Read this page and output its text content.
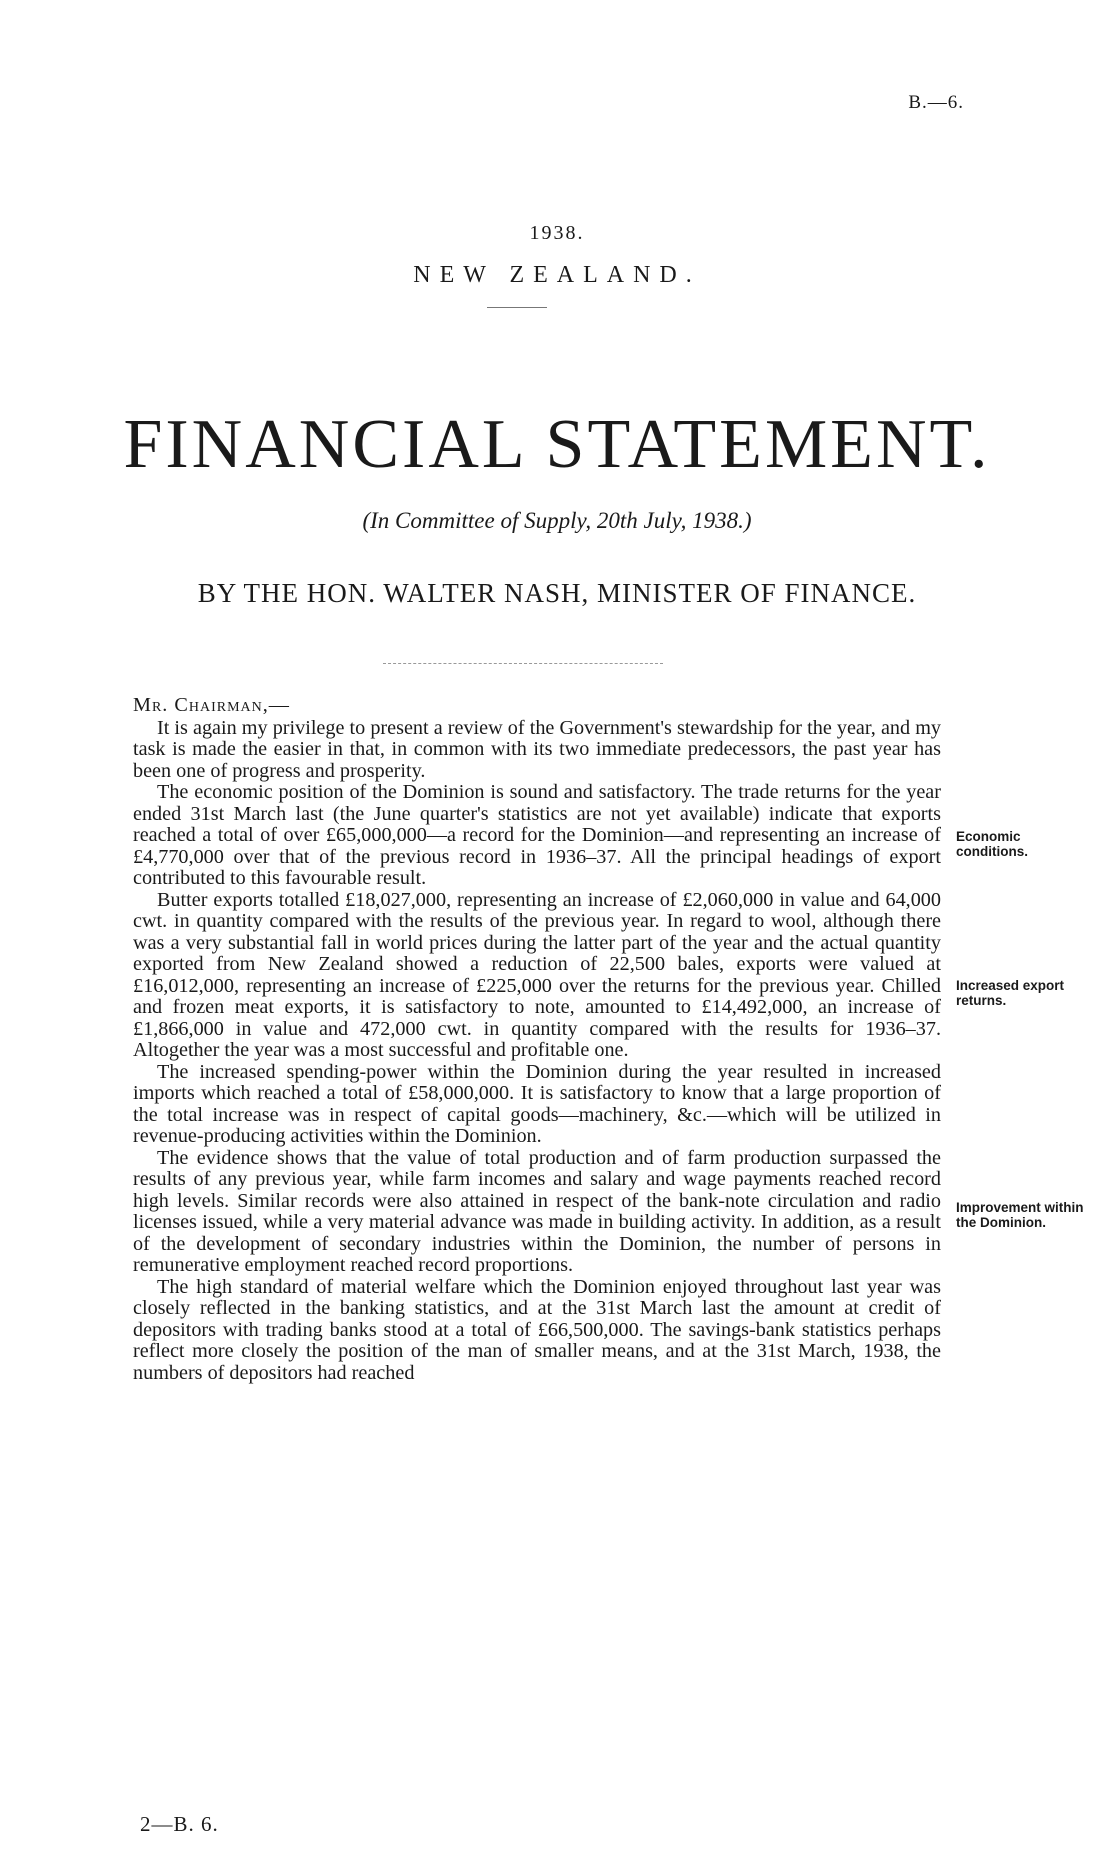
B.—6.
1938.
NEW ZEALAND.
FINANCIAL STATEMENT.
(In Committee of Supply, 20th July, 1938.)
BY THE HON. WALTER NASH, MINISTER OF FINANCE.

Mr. Chairman,—

It is again my privilege to present a review of the Government's stewardship for the year, and my task is made the easier in that, in common with its two immediate predecessors, the past year has been one of progress and prosperity.

The economic position of the Dominion is sound and satisfactory. The trade returns for the year ended 31st March last (the June quarter's statistics are not yet available) indicate that exports reached a total of over £65,000,000—a record for the Dominion—and representing an increase of £4,770,000 over that of the previous record in 1936–37. All the principal headings of export contributed to this favourable result.

Butter exports totalled £18,027,000, representing an increase of £2,060,000 in value and 64,000 cwt. in quantity compared with the results of the previous year. In regard to wool, although there was a very substantial fall in world prices during the latter part of the year and the actual quantity exported from New Zealand showed a reduction of 22,500 bales, exports were valued at £16,012,000, representing an increase of £225,000 over the returns for the previous year. Chilled and frozen meat exports, it is satisfactory to note, amounted to £14,492,000, an increase of £1,866,000 in value and 472,000 cwt. in quantity compared with the results for 1936–37. Altogether the year was a most successful and profitable one.

The increased spending-power within the Dominion during the year resulted in increased imports which reached a total of £58,000,000. It is satisfactory to know that a large proportion of the total increase was in respect of capital goods—machinery, &c.—which will be utilized in revenue-producing activities within the Dominion.

The evidence shows that the value of total production and of farm production surpassed the results of any previous year, while farm incomes and salary and wage payments reached record high levels. Similar records were also attained in respect of the bank-note circulation and radio licenses issued, while a very material advance was made in building activity. In addition, as a result of the development of secondary industries within the Dominion, the number of persons in remunerative employment reached record proportions.

The high standard of material welfare which the Dominion enjoyed throughout last year was closely reflected in the banking statistics, and at the 31st March last the amount at credit of depositors with trading banks stood at a total of £66,500,000. The savings-bank statistics perhaps reflect more closely the position of the man of smaller means, and at the 31st March, 1938, the numbers of depositors had reached

Economic conditions.
Increased export returns.
Improvement within the Dominion.
2—B. 6.
